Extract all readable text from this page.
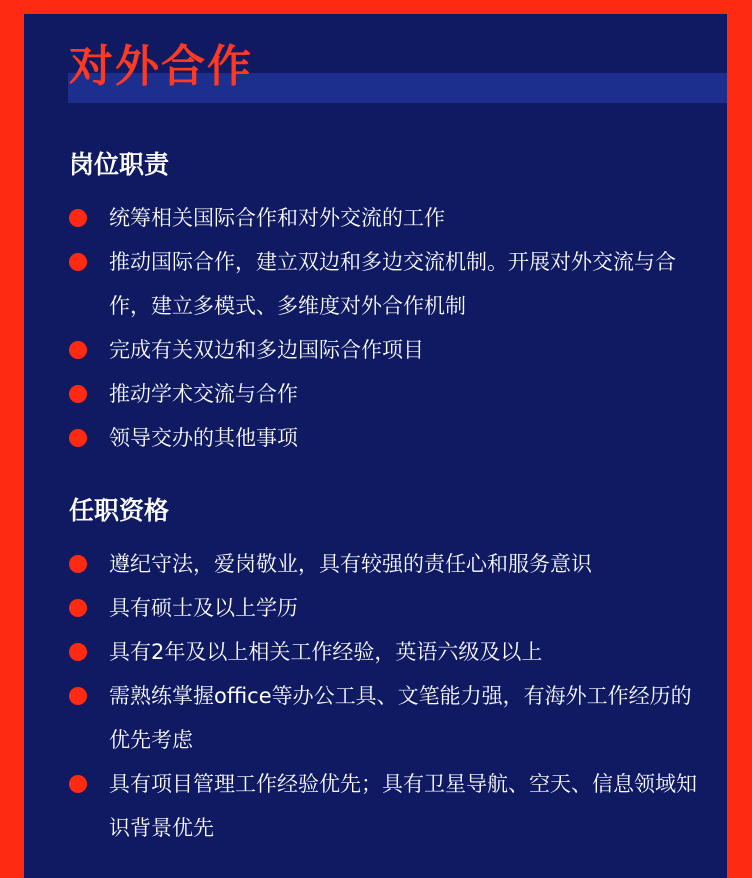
对外合作
岗位职责
统筹相关国际合作和对外交流的工作
推动国际合作，建立双边和多边交流机制。开展对外交流与合作，建立多模式、多维度对外合作机制
完成有关双边和多边国际合作项目
推动学术交流与合作
领导交办的其他事项
任职资格
遵纪守法，爱岗敬业，具有较强的责任心和服务意识
具有硕士及以上学历
具有2年及以上相关工作经验，英语六级及以上
需熟练掌握office等办公工具、文笔能力强，有海外工作经历的优先考虑
具有项目管理工作经验优先；具有卫星导航、空天、信息领域知识背景优先
